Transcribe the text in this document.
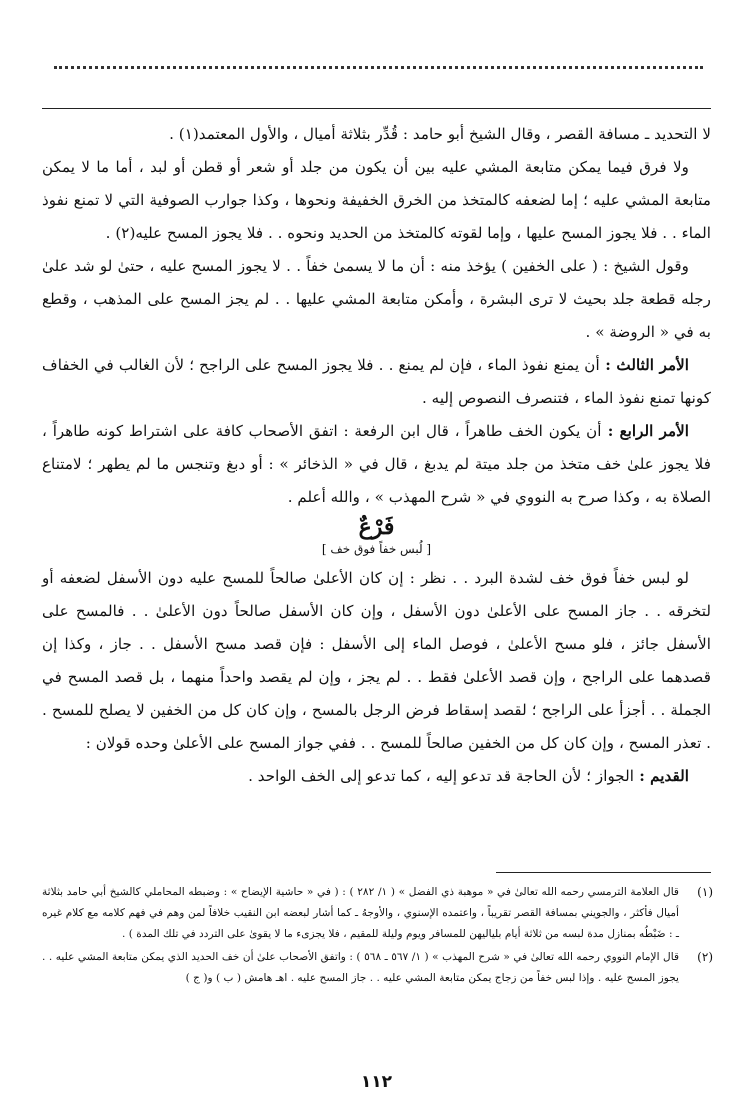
لا التحديد ـ مسافة القصر ، وقال الشيخ أبو حامد : قُدِّر بثلاثة أميال ، والأول المعتمد(١) .

ولا فرق فيما يمكن متابعة المشي عليه بين أن يكون من جلد أو شعر أو قطن أو لبد ، أما ما لا يمكن متابعة المشي عليه ؛ إما لضعفه كالمتخذ من الخرق الخفيفة ونحوها ، وكذا جوارب الصوفية التي لا تمنع نفوذ الماء . . فلا يجوز المسح عليها ، وإما لقوته كالمتخذ من الحديد ونحوه . . فلا يجوز المسح عليه(٢) .

وقول الشيخ : ( على الخفين ) يؤخذ منه : أن ما لا يسمىٰ خفاً . . لا يجوز المسح عليه ، حتىٰ لو شد علىٰ رجله قطعة جلد بحيث لا ترى البشرة ، وأمكن متابعة المشي عليها . . لم يجز المسح على المذهب ، وقطع به في « الروضة » .

الأمر الثالث : أن يمنع نفوذ الماء ، فإن لم يمنع . . فلا يجوز المسح على الراجح ؛ لأن الغالب في الخفاف كونها تمنع نفوذ الماء ، فتنصرف النصوص إليه .

الأمر الرابع : أن يكون الخف طاهراً ، قال ابن الرفعة : اتفق الأصحاب كافة على اشتراط كونه طاهراً ، فلا يجوز علىٰ خف متخذ من جلد ميتة لم يدبغ ، قال في « الذخائر » : أو دبغ وتنجس ما لم يطهر ؛ لامتناع الصلاة به ، وكذا صرح به النووي في « شرح المهذب » ، والله أعلم .

فَرْعٌ
[ لُبس خفاً فوق خف ]

لو لبس خفاً فوق خف لشدة البرد . . نظر : إن كان الأعلىٰ صالحاً للمسح عليه دون الأسفل لضعفه أو لتخرقه . . جاز المسح على الأعلىٰ دون الأسفل ، وإن كان الأسفل صالحاً دون الأعلىٰ . . فالمسح على الأسفل جائز ، فلو مسح الأعلىٰ ، فوصل الماء إلى الأسفل : فإن قصد مسح الأسفل . . جاز ، وكذا إن قصدهما على الراجح ، وإن قصد الأعلىٰ فقط . . لم يجز ، وإن لم يقصد واحداً منهما ، بل قصد المسح في الجملة . . أجزأ على الراجح ؛ لقصد إسقاط فرض الرجل بالمسح ، وإن كان كل من الخفين لا يصلح للمسح . . تعذر المسح ، وإن كان كل من الخفين صالحاً للمسح . . ففي جواز المسح على الأعلىٰ وحده قولان :

القديم : الجواز ؛ لأن الحاجة قد تدعو إليه ، كما تدعو إلى الخف الواحد .

(١)
قال العلامة الترمسي رحمه الله تعالىٰ في « موهبة ذي الفضل » ( ١/ ٢٨٢ ) : ( في « حاشية الإيضاح » : وضبطه المحاملي كالشيخ أبي حامد بثلاثة أميال فأكثر ، والجويني بمسافة القصر تقريباً ، واعتمده الإسنوي ، والأوجهُ ـ كما أشار لبعضه ابن النقيب خلافاً لمن وهم في فهم كلامه مع كلام غيره ـ : ضَبْطُه بمنازل مدة لبسه من ثلاثة أيام بلياليهن للمسافر ويوم وليلة للمقيم ، فلا يجزىء ما لا يقوىٰ على التردد في تلك المدة ) .
(٢)
قال الإمام النووي رحمه الله تعالىٰ في « شرح المهذب » ( ١/ ٥٦٧ ـ ٥٦٨ ) : واتفق الأصحاب علىٰ أن خف الحديد الذي يمكن متابعة المشي عليه . . يجوز المسح عليه . وإذا لبس خفاً من زجاج يمكن متابعة المشي عليه . . جاز المسح عليه . اهـ هامش ( ب ) و( ج )
١١٢
